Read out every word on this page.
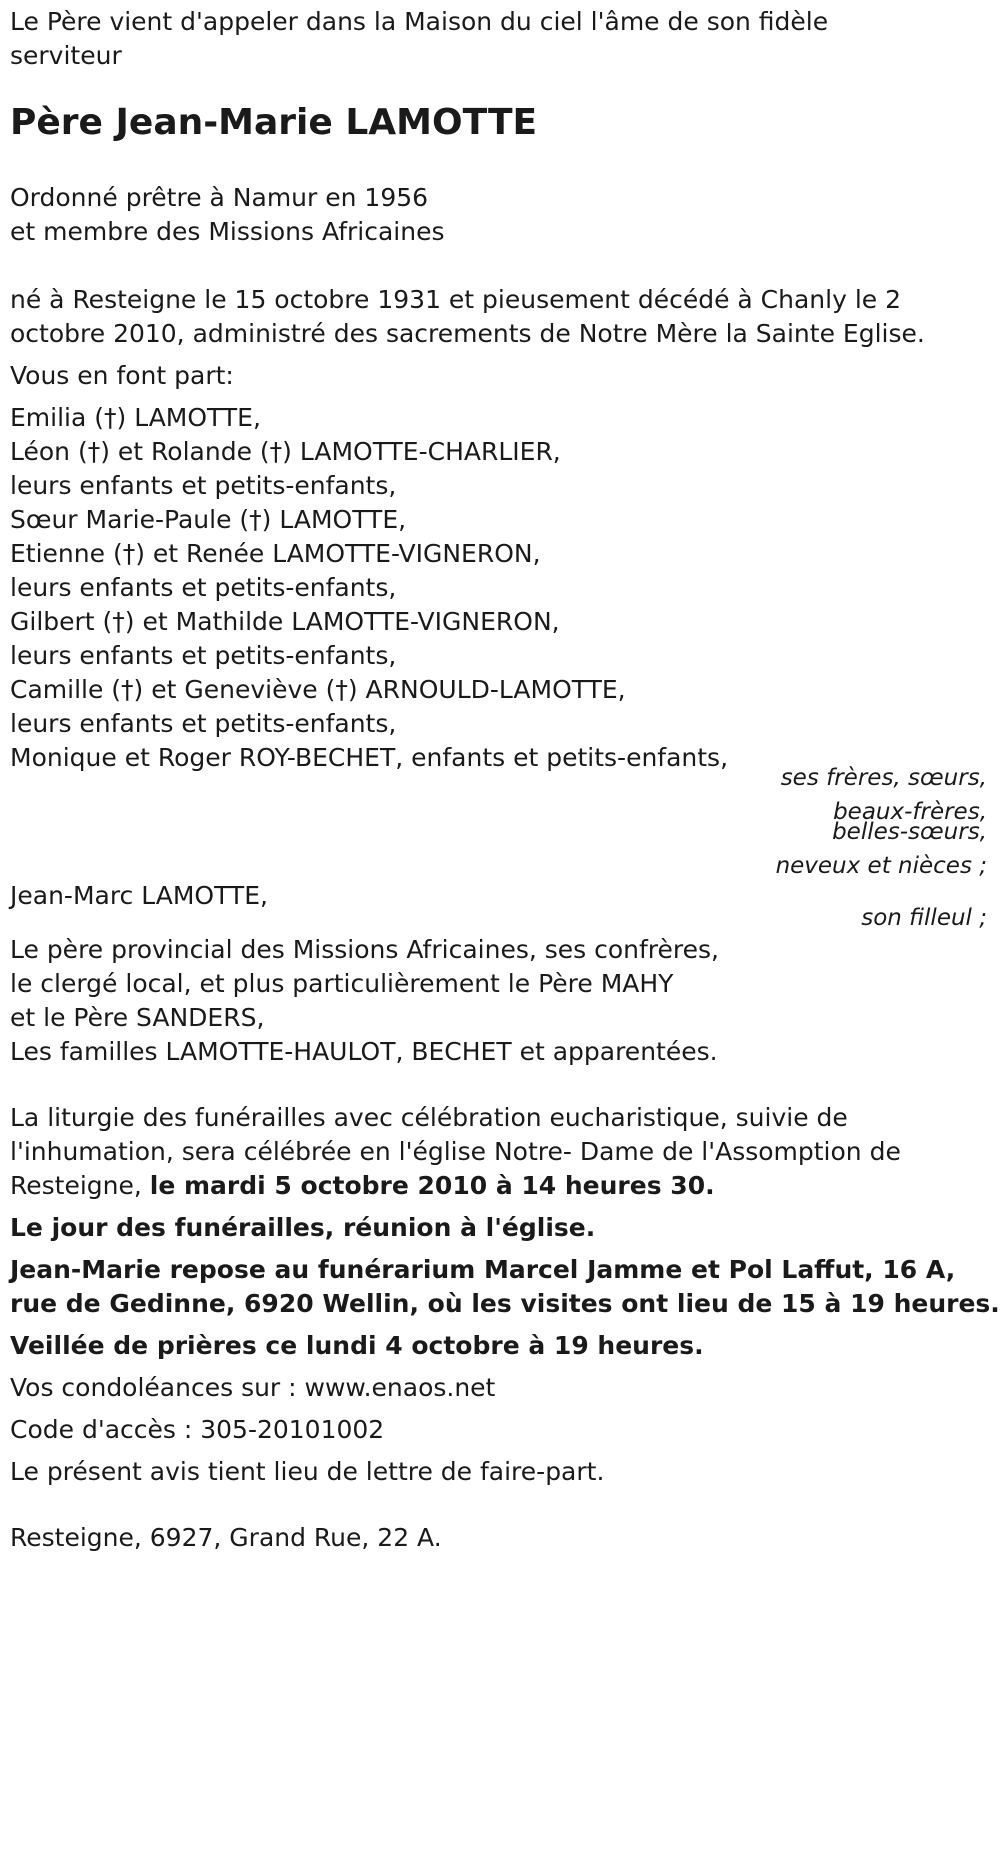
Le Père vient d'appeler dans la Maison du ciel l'âme de son fidèle

serviteur

Père Jean-Marie LAMOTTE

Ordonné prêtre à Namur en 1956

et membre des Missions Africaines

né à Resteigne le 15 octobre 1931 et pieusement décédé à Chanly le 2

octobre 2010, administré des sacrements de Notre Mère la Sainte Eglise.

Vous en font part:

Emilia (†) LAMOTTE,

Léon (†) et Rolande (†) LAMOTTE-CHARLIER,

leurs enfants et petits-enfants,

Sœur Marie-Paule (†) LAMOTTE,

Etienne (†) et Renée LAMOTTE-VIGNERON,

leurs enfants et petits-enfants,

Gilbert (†) et Mathilde LAMOTTE-VIGNERON,

leurs enfants et petits-enfants,

Camille (†) et Geneviève (†) ARNOULD-LAMOTTE,

leurs enfants et petits-enfants,

Monique et Roger ROY-BECHET, enfants et petits-enfants,

ses frères, sœurs,
beaux-frères,
belles-sœurs,
neveux et nièces ;

Jean-Marc LAMOTTE,

son filleul ;

Le père provincial des Missions Africaines, ses confrères,

le clergé local, et plus particulièrement le Père MAHY

et le Père SANDERS,

Les familles LAMOTTE-HAULOT, BECHET et apparentées.

La liturgie des funérailles avec célébration eucharistique, suivie de

l'inhumation, sera célébrée en l'église Notre- Dame de l'Assomption de

Resteigne, le mardi 5 octobre 2010 à 14 heures 30.

Le jour des funérailles, réunion à l'église.

Jean-Marie repose au funérarium Marcel Jamme et Pol Laffut, 16 A,

rue de Gedinne, 6920 Wellin, où les visites ont lieu de 15 à 19 heures.

Veillée de prières ce lundi 4 octobre à 19 heures.

Vos condoléances sur : www.enaos.net

Code d'accès : 305-20101002

Le présent avis tient lieu de lettre de faire-part.

Resteigne, 6927, Grand Rue, 22 A.
